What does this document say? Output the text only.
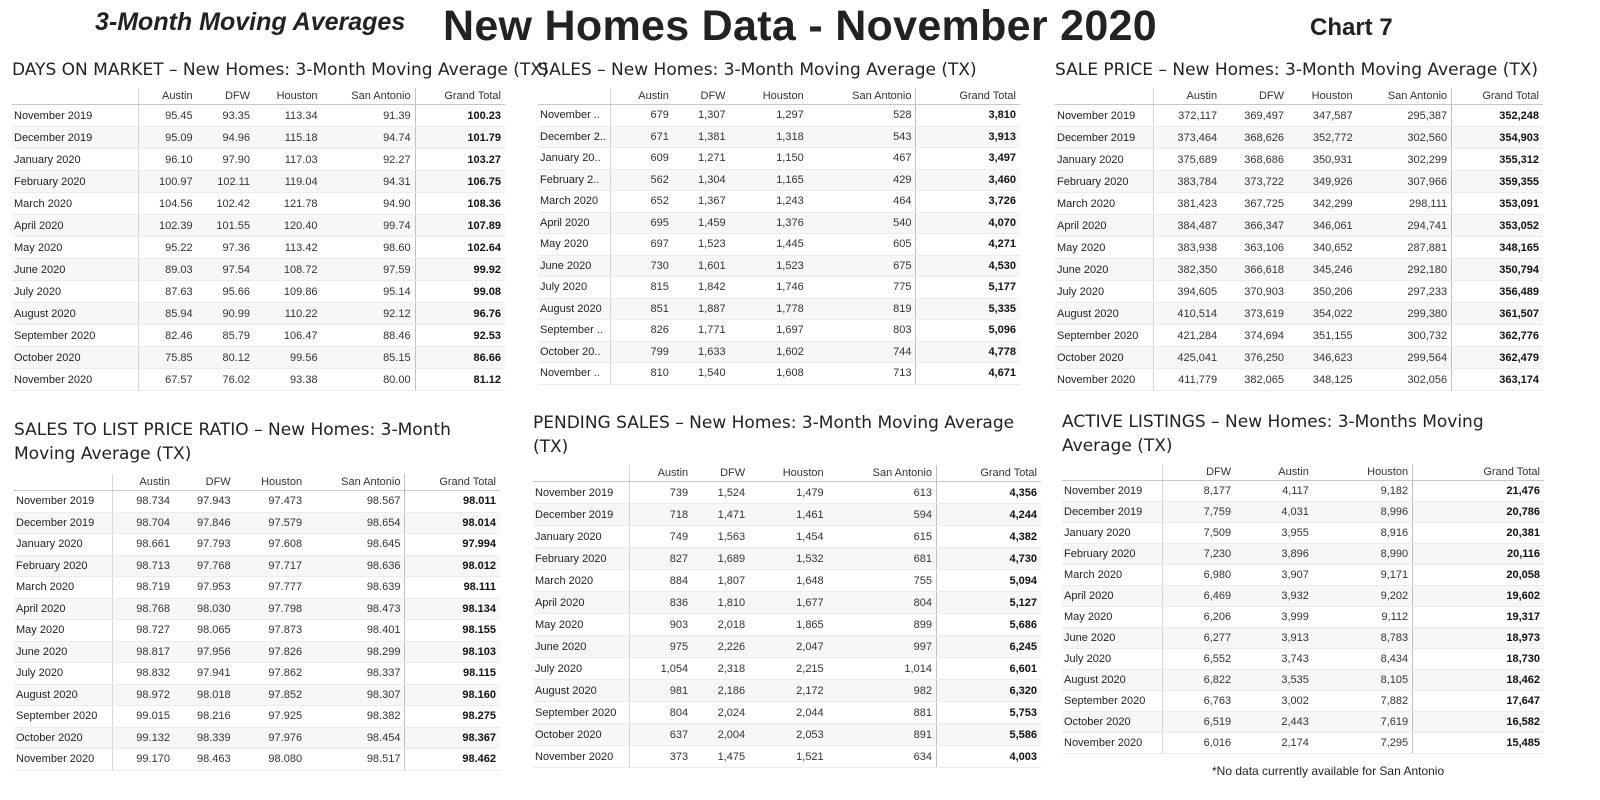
3-Month Moving Averages New Homes Data - November 2020	Chart 7
DAYS ON MARKET – New Homes: 3-Month Moving Average (TX)
	Austin	DFW	Houston	San Antonio	Grand Total
November 2019	95.45	93.35	113.34	91.39	100.23
December 2019	95.09	94.96	115.18	94.74	101.79
January 2020	96.10	97.90	117.03	92.27	103.27
February 2020	100.97	102.11	119.04	94.31	106.75
March 2020	104.56	102.42	121.78	94.90	108.36
April 2020	102.39	101.55	120.40	99.74	107.89
May 2020	95.22	97.36	113.42	98.60	102.64
June 2020	89.03	97.54	108.72	97.59	99.92
July 2020	87.63	95.66	109.86	95.14	99.08
August 2020	85.94	90.99	110.22	92.12	96.76
September 2020	82.46	85.79	106.47	88.46	92.53
October 2020	75.85	80.12	99.56	85.15	86.66
November 2020	67.57	76.02	93.38	80.00	81.12
SALES – New Homes: 3-Month Moving Average (TX)
	Austin	DFW	Houston	San Antonio	Grand Total
November ..	679	1,307	1,297	528	3,810
December 2..	671	1,381	1,318	543	3,913
January 20..	609	1,271	1,150	467	3,497
February 2..	562	1,304	1,165	429	3,460
March 2020	652	1,367	1,243	464	3,726
April 2020	695	1,459	1,376	540	4,070
May 2020	697	1,523	1,445	605	4,271
June 2020	730	1,601	1,523	675	4,530
July 2020	815	1,842	1,746	775	5,177
August 2020	851	1,887	1,778	819	5,335
September ..	826	1,771	1,697	803	5,096
October 20..	799	1,633	1,602	744	4,778
November ..	810	1,540	1,608	713	4,671
SALE PRICE – New Homes: 3-Month Moving Average (TX)
	Austin	DFW	Houston	San Antonio	Grand Total
November 2019	372,117	369,497	347,587	295,387	352,248
December 2019	373,464	368,626	352,772	302,560	354,903
January 2020	375,689	368,686	350,931	302,299	355,312
February 2020	383,784	373,722	349,926	307,966	359,355
March 2020	381,423	367,725	342,299	298,111	353,091
April 2020	384,487	366,347	346,061	294,741	353,052
May 2020	383,938	363,106	340,652	287,881	348,165
June 2020	382,350	366,618	345,246	292,180	350,794
July 2020	394,605	370,903	350,206	297,233	356,489
August 2020	410,514	373,619	354,022	299,380	361,507
September 2020	421,284	374,694	351,155	300,732	362,776
October 2020	425,041	376,250	346,623	299,564	362,479
November 2020	411,779	382,065	348,125	302,056	363,174
SALES TO LIST PRICE RATIO – New Homes: 3-Month Moving Average (TX)
	Austin	DFW	Houston	San Antonio	Grand Total
November 2019	98.734	97.943	97.473	98.567	98.011
December 2019	98.704	97.846	97.579	98.654	98.014
January 2020	98.661	97.793	97.608	98.645	97.994
February 2020	98.713	97.768	97.717	98.636	98.012
March 2020	98.719	97.953	97.777	98.639	98.111
April 2020	98.768	98.030	97.798	98.473	98.134
May 2020	98.727	98.065	97.873	98.401	98.155
June 2020	98.817	97.956	97.826	98.299	98.103
July 2020	98.832	97.941	97.862	98.337	98.115
August 2020	98.972	98.018	97.852	98.307	98.160
September 2020	99.015	98.216	97.925	98.382	98.275
October 2020	99.132	98.339	97.976	98.454	98.367
November 2020	99.170	98.463	98.080	98.517	98.462
PENDING SALES – New Homes: 3-Month Moving Average (TX)
	Austin	DFW	Houston	San Antonio	Grand Total
November 2019	739	1,524	1,479	613	4,356
December 2019	718	1,471	1,461	594	4,244
January 2020	749	1,563	1,454	615	4,382
February 2020	827	1,689	1,532	681	4,730
March 2020	884	1,807	1,648	755	5,094
April 2020	836	1,810	1,677	804	5,127
May 2020	903	2,018	1,865	899	5,686
June 2020	975	2,226	2,047	997	6,245
July 2020	1,054	2,318	2,215	1,014	6,601
August 2020	981	2,186	2,172	982	6,320
September 2020	804	2,024	2,044	881	5,753
October 2020	637	2,004	2,053	891	5,586
November 2020	373	1,475	1,521	634	4,003
ACTIVE LISTINGS – New Homes: 3-Months Moving Average (TX)
	DFW	Austin	Houston	Grand Total
November 2019	8,177	4,117	9,182	21,476
December 2019	7,759	4,031	8,996	20,786
January 2020	7,509	3,955	8,916	20,381
February 2020	7,230	3,896	8,990	20,116
March 2020	6,980	3,907	9,171	20,058
April 2020	6,469	3,932	9,202	19,602
May 2020	6,206	3,999	9,112	19,317
June 2020	6,277	3,913	8,783	18,973
July 2020	6,552	3,743	8,434	18,730
August 2020	6,822	3,535	8,105	18,462
September 2020	6,763	3,002	7,882	17,647
October 2020	6,519	2,443	7,619	16,582
November 2020	6,016	2,174	7,295	15,485
*No data currently available for San Antonio
